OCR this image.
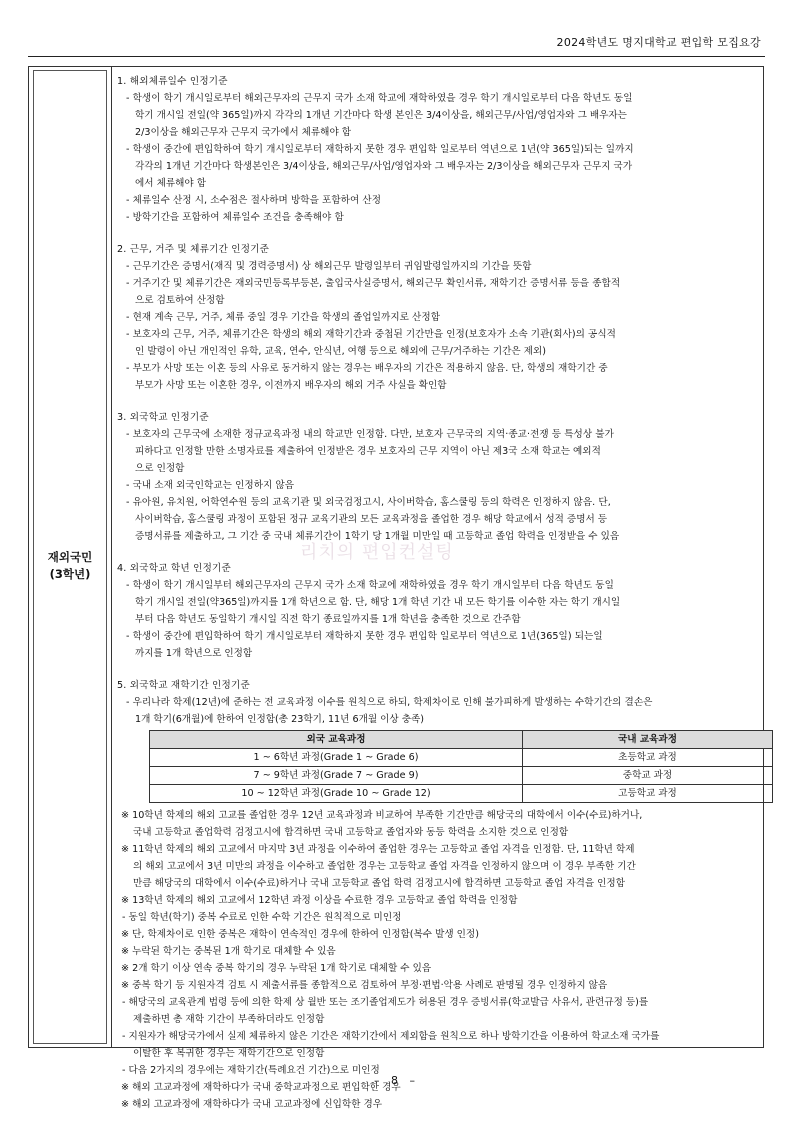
2024학년도 명지대학교 편입학 모집요강
리치의 편입컨설팅
재외국민
(3학년)
1. 해외체류일수 인정기준
- 학생이 학기 개시일로부터 해외근무자의 근무지 국가 소재 학교에 재학하였을 경우 학기 개시일로부터 다음 학년도 동일
학기 개시일 전일(약 365일)까지 각각의 1개년 기간마다 학생 본인은 3/4이상을, 해외근무/사업/영업자와 그 배우자는
2/3이상을 해외근무자 근무지 국가에서 체류해야 함
- 학생이 중간에 편입학하여 학기 개시일로부터 재학하지 못한 경우 편입학 일로부터 역년으로 1년(약 365일)되는 일까지
각각의 1개년 기간마다 학생본인은 3/4이상을, 해외근무/사업/영업자와 그 배우자는 2/3이상을 해외근무자 근무지 국가
에서 체류해야 함
- 체류일수 산정 시, 소수점은 절사하며 방학을 포함하여 산정
- 방학기간을 포함하여 체류일수 조건을 충족해야 함
2. 근무, 거주 및 체류기간 인정기준
- 근무기간은 증명서(재직 및 경력증명서) 상 해외근무 발령일부터 귀임발령일까지의 기간을 뜻함
- 거주기간 및 체류기간은 재외국민등록부등본, 출입국사실증명서, 해외근무 확인서류, 재학기간 증명서류 등을 종합적
으로 검토하여 산정함
- 현재 계속 근무, 거주, 체류 중일 경우 기간을 학생의 졸업일까지로 산정함
- 보호자의 근무, 거주, 체류기간은 학생의 해외 재학기간과 중첩된 기간만을 인정(보호자가 소속 기관(회사)의 공식적
인 발령이 아닌 개인적인 유학, 교육, 연수, 안식년, 여행 등으로 해외에 근무/거주하는 기간은 제외)
- 부모가 사망 또는 이혼 등의 사유로 동거하지 않는 경우는 배우자의 기간은 적용하지 않음. 단, 학생의 재학기간 중
부모가 사망 또는 이혼한 경우, 이전까지 배우자의 해외 거주 사실을 확인함
3. 외국학교 인정기준
- 보호자의 근무국에 소재한 정규교육과정 내의 학교만 인정함. 다만, 보호자 근무국의 지역·종교·전쟁 등 특성상 불가
피하다고 인정할 만한 소명자료를 제출하여 인정받은 경우 보호자의 근무 지역이 아닌 제3국 소재 학교는 예외적
으로 인정함
- 국내 소재 외국인학교는 인정하지 않음
- 유아원, 유치원, 어학연수원 등의 교육기관 및 외국검정고시, 사이버학습, 홈스쿨링 등의 학력은 인정하지 않음. 단,
사이버학습, 홈스쿨링 과정이 포함된 정규 교육기관의 모든 교육과정을 졸업한 경우 해당 학교에서 성적 증명서 등
증명서류를 제출하고, 그 기간 중 국내 체류기간이 1학기 당 1개월 미만일 때 고등학교 졸업 학력을 인정받을 수 있음
4. 외국학교 학년 인정기준
- 학생이 학기 개시일부터 해외근무자의 근무지 국가 소재 학교에 재학하였을 경우 학기 개시일부터 다음 학년도 동일
학기 개시일 전일(약365일)까지를 1개 학년으로 함. 단, 해당 1개 학년 기간 내 모든 학기를 이수한 자는 학기 개시일
부터 다음 학년도 동일학기 개시일 직전 학기 종료일까지를 1개 학년을 충족한 것으로 간주함
- 학생이 중간에 편입학하여 학기 개시일로부터 재학하지 못한 경우 편입학 일로부터 역년으로 1년(365일) 되는일
까지를 1개 학년으로 인정함
5. 외국학교 재학기간 인정기준
- 우리나라 학제(12년)에 준하는 전 교육과정 이수를 원칙으로 하되, 학제차이로 인해 불가피하게 발생하는 수학기간의 결손은
1개 학기(6개월)에 한하여 인정함(총 23학기, 11년 6개월 이상 충족)
외국 교육과정	국내 교육과정
1 ~ 6학년 과정(Grade 1 ~ Grade 6)	초등학교 과정
7 ~ 9학년 과정(Grade 7 ~ Grade 9)	중학교 과정
10 ~ 12학년 과정(Grade 10 ~ Grade 12)	고등학교 과정
※ 10학년 학제의 해외 고교를 졸업한 경우 12년 교육과정과 비교하여 부족한 기간만큼 해당국의 대학에서 이수(수료)하거나,
국내 고등학교 졸업학력 검정고시에 합격하면 국내 고등학교 졸업자와 동등 학력을 소지한 것으로 인정함
※ 11학년 학제의 해외 고교에서 마지막 3년 과정을 이수하여 졸업한 경우는 고등학교 졸업 자격을 인정함. 단, 11학년 학제
의 해외 고교에서 3년 미만의 과정을 이수하고 졸업한 경우는 고등학교 졸업 자격을 인정하지 않으며 이 경우 부족한 기간
만큼 해당국의 대학에서 이수(수료)하거나 국내 고등학교 졸업 학력 검정고시에 합격하면 고등학교 졸업 자격을 인정함
※ 13학년 학제의 해외 고교에서 12학년 과정 이상을 수료한 경우 고등학교 졸업 학력을 인정함
- 동일 학년(학기) 중복 수료로 인한 수학 기간은 원칙적으로 미인정
※ 단, 학제차이로 인한 중복은 재학이 연속적인 경우에 한하여 인정함(복수 발생 인정)
※ 누락된 학기는 중복된 1개 학기로 대체할 수 있음
※ 2개 학기 이상 연속 중복 학기의 경우 누락된 1개 학기로 대체할 수 있음
※ 중복 학기 등 지원자격 검토 시 제출서류를 종합적으로 검토하여 부정·편법·악용 사례로 판명될 경우 인정하지 않음
- 해당국의 교육관계 법령 등에 의한 학제 상 월반 또는 조기졸업제도가 허용된 경우 증빙서류(학교발급 사유서, 관련규정 등)를
제출하면 총 재학 기간이 부족하더라도 인정함
- 지원자가 해당국가에서 실제 체류하지 않은 기간은 재학기간에서 제외함을 원칙으로 하나 방학기간을 이용하여 학교소재 국가를
이탈한 후 복귀한 경우는 재학기간으로 인정함
- 다음 2가지의 경우에는 재학기간(특례요건 기간)으로 미인정
※ 해외 고교과정에 재학하다가 국내 중학교과정으로 편입학한 경우
※ 해외 고교과정에 재학하다가 국내 고교과정에 신입학한 경우
– 8 –
